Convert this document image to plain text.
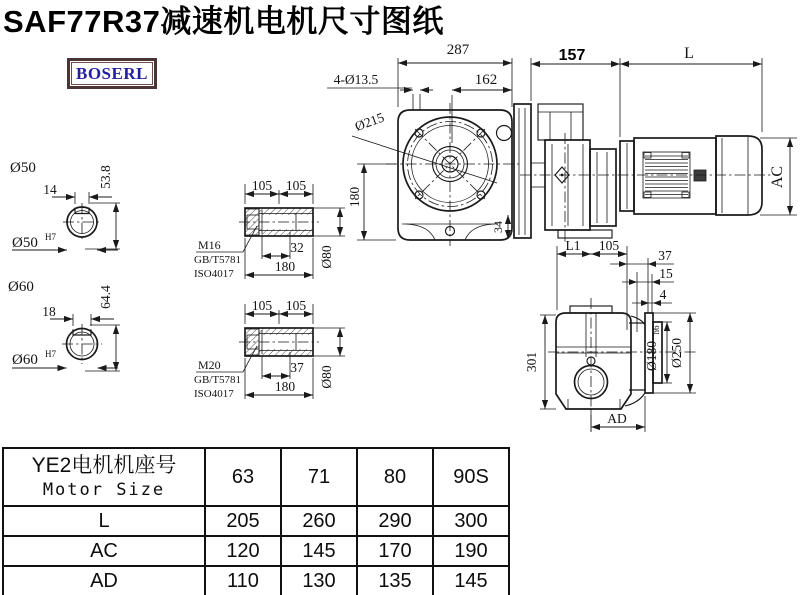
SAF77R37减速机电机尺寸图纸
BOSERL
Ø50
14
53.8
Ø50 H7
Ø60
18
64.4
Ø60 H7
M16
GB/T5781
ISO4017
105 105
32
180 Ø80
M20
GB/T5781
ISO4017
105 105
37
180 Ø80
287
162
4-Ø13.5
Ø215
180
34
157	L
AC
L1 105
37
15
4
301	Ø180
h6
Ø250
AD
YE2电机机座号
Motor Size	63	71	80	90S
L	205	260	290	300
AC	120	145	170	190
AD	110	130	135	145
